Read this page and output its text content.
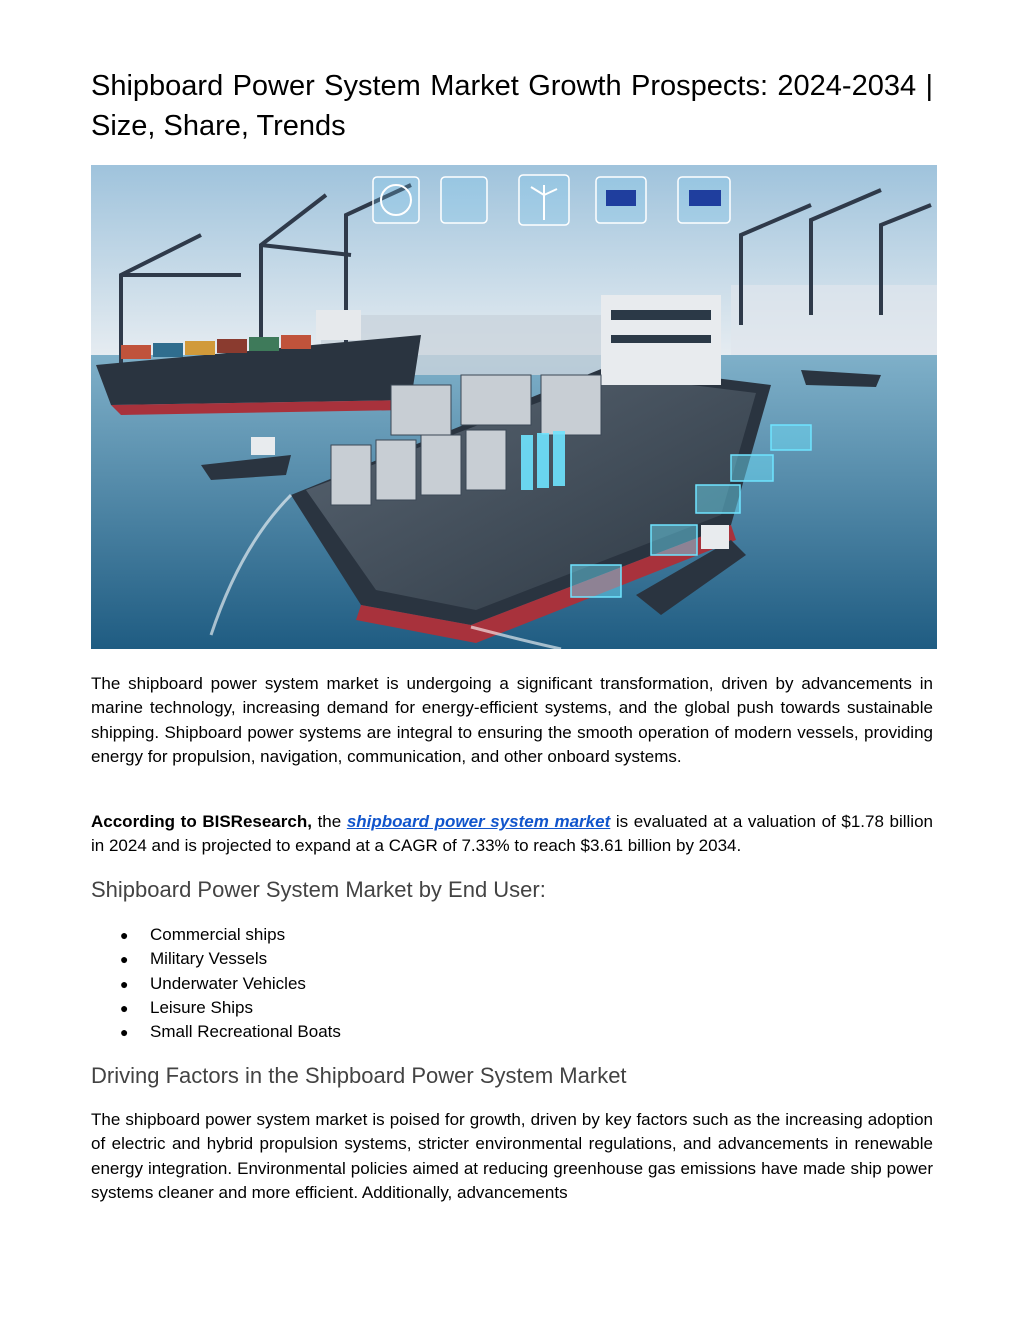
Shipboard Power System Market Growth Prospects: 2024-2034 | Size, Share, Trends

The shipboard power system market is undergoing a significant transformation, driven by advancements in marine technology, increasing demand for energy-efficient systems, and the global push towards sustainable shipping. Shipboard power systems are integral to ensuring the smooth operation of modern vessels, providing energy for propulsion, navigation, communication, and other onboard systems.

According to BISResearch, the shipboard power system market is evaluated at a valuation of $1.78 billion in 2024 and is projected to expand at a CAGR of 7.33% to reach $3.61 billion by 2034.

Shipboard Power System Market by End User:
● Commercial ships
● Military Vessels
● Underwater Vehicles
● Leisure Ships
● Small Recreational Boats
Driving Factors in the Shipboard Power System Market

The shipboard power system market is poised for growth, driven by key factors such as the increasing adoption of electric and hybrid propulsion systems, stricter environmental regulations, and advancements in renewable energy integration. Environmental policies aimed at reducing greenhouse gas emissions have made ship power systems cleaner and more efficient. Additionally, advancements
